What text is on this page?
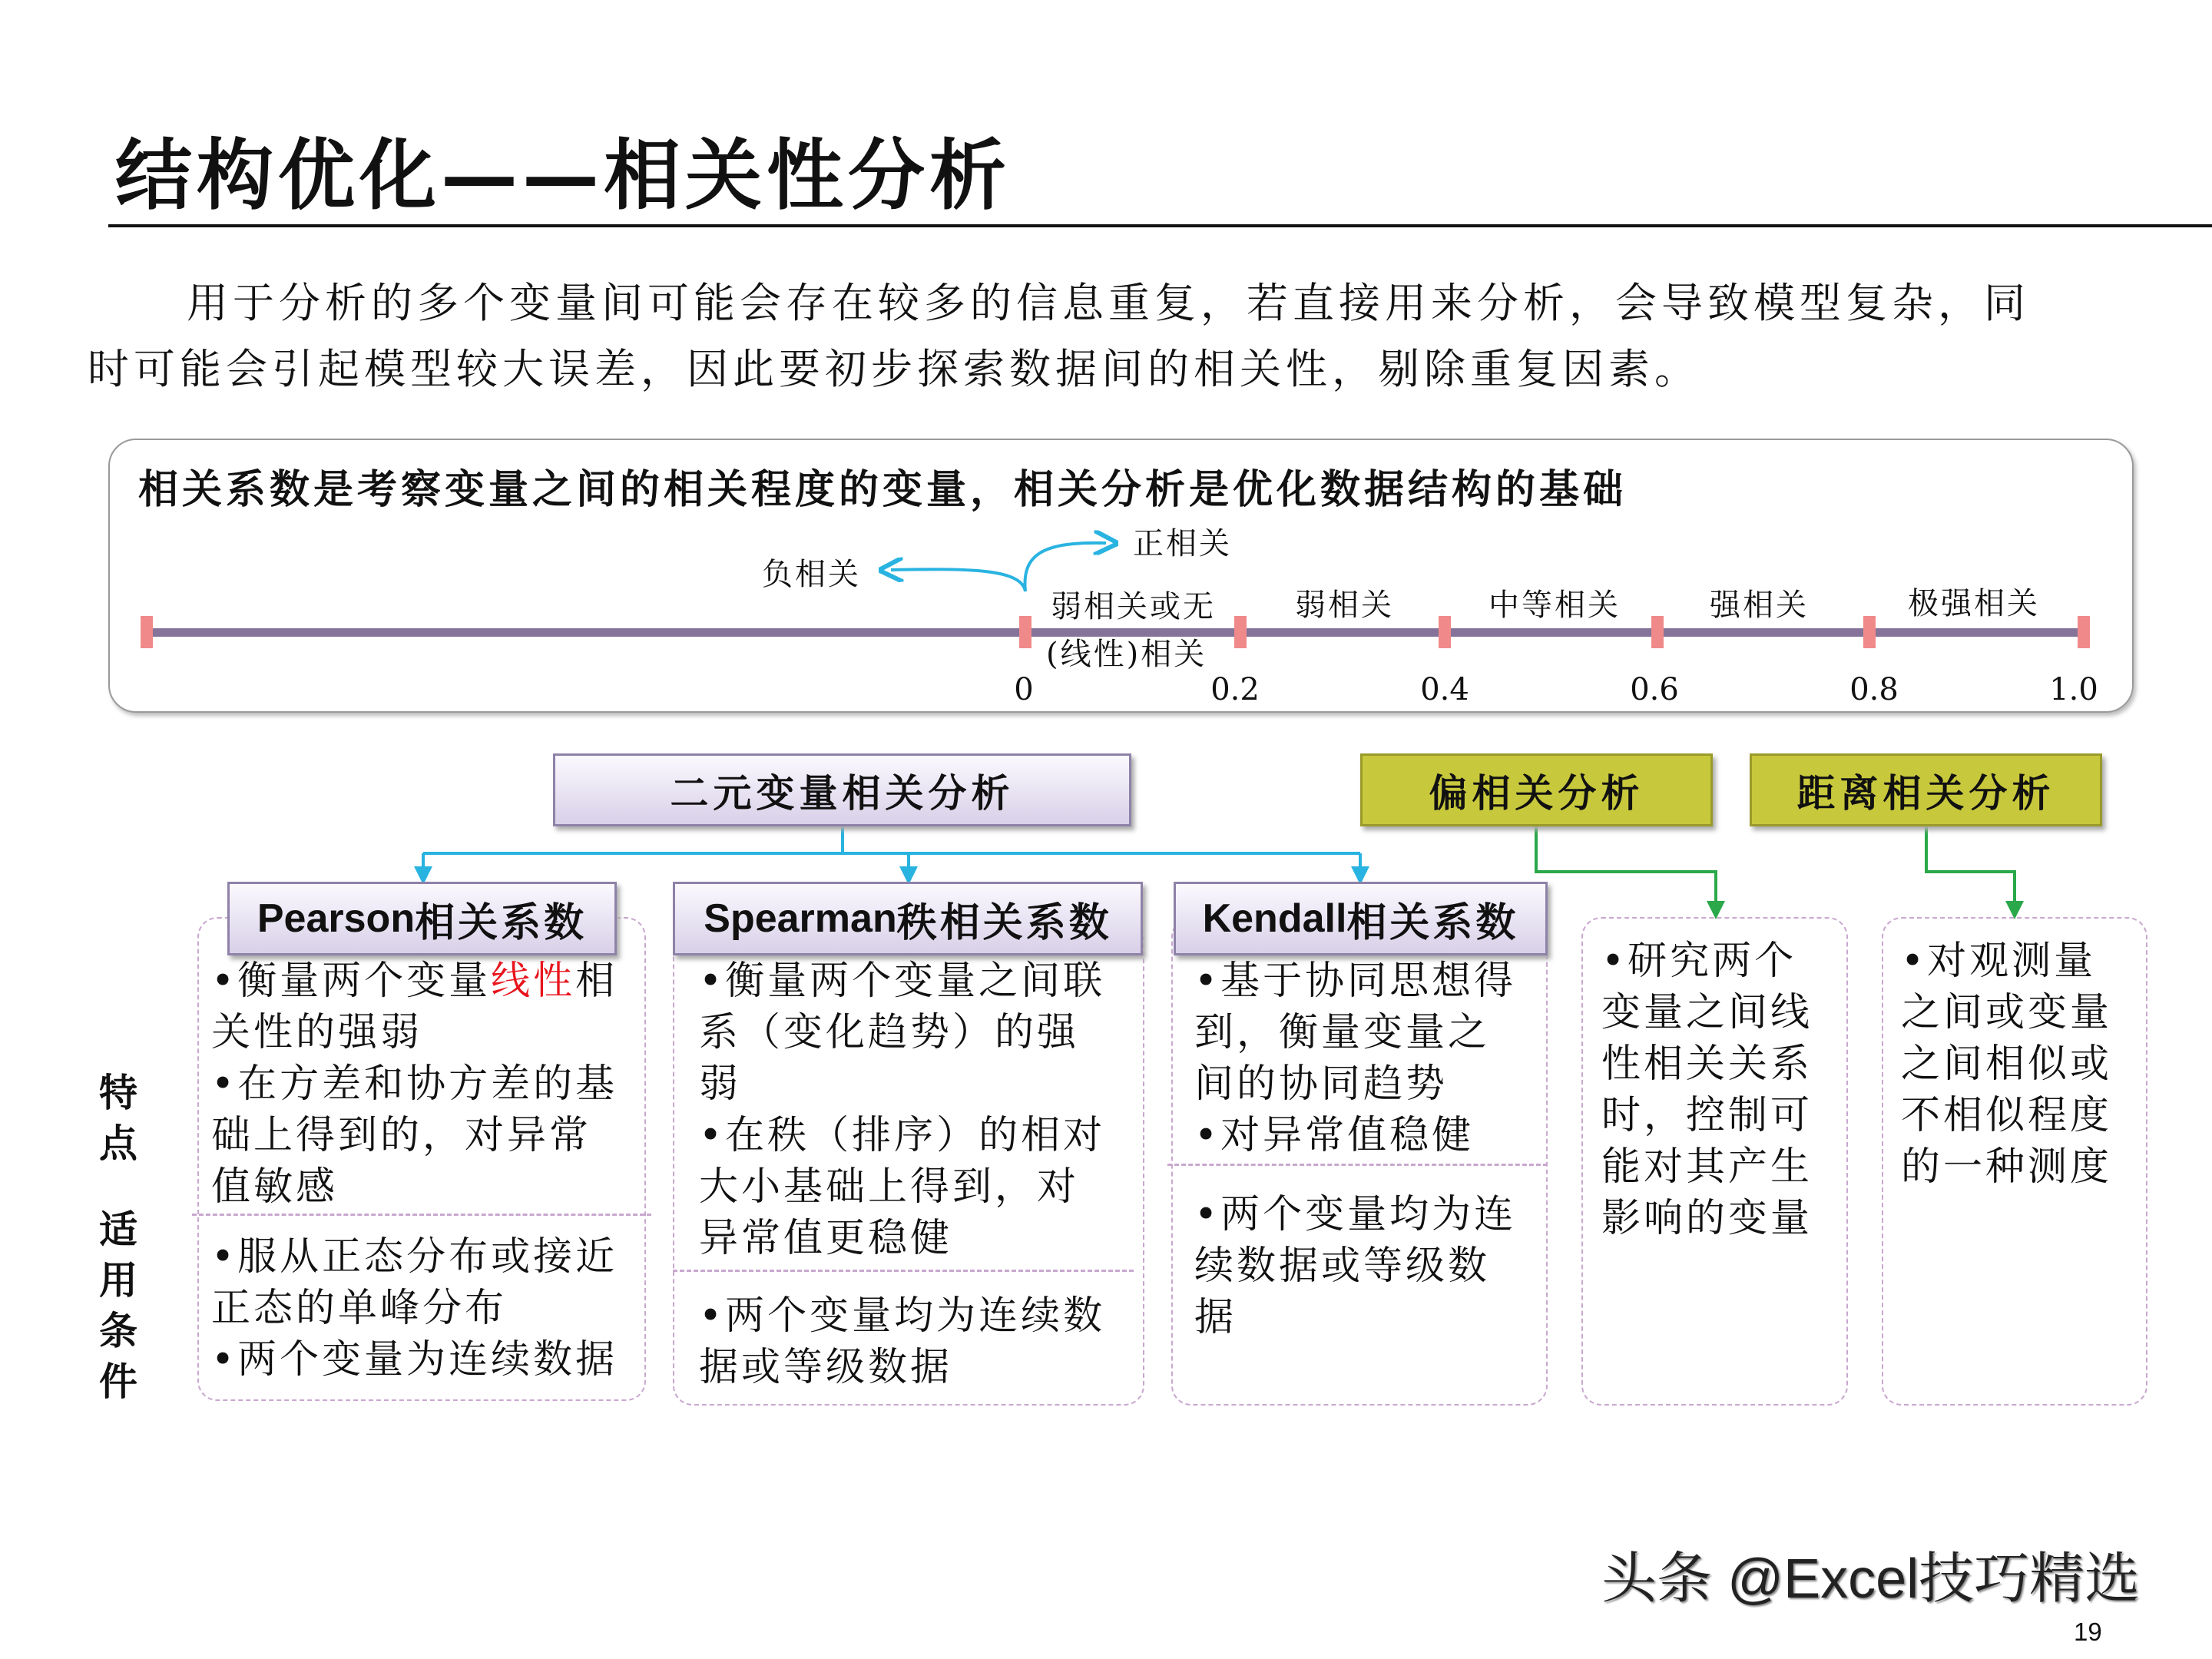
结构优化——相关性分析
用于分析的多个变量间可能会存在较多的信息重复，若直接用来分析，会导致模型复杂，同
时可能会引起模型较大误差，因此要初步探索数据间的相关性，剔除重复因素。
相关系数是考察变量之间的相关程度的变量，相关分析是优化数据结构的基础
0	0.2	0.4	0.6	0.8	1.0
负相关
正相关
弱相关或无
(线性)相关
弱相关	中等相关	强相关	极强相关
二元变量相关分析	偏相关分析	距离相关分析
Pearson 相关系数	Spearman 秩相关系数 Kendall 相关系数
•衡量两个变量线性相
关性的强弱
•在方差和协方差的基
础上得到的，对异常
值敏感
•服从正态分布或接近
正态的单峰分布
•两个变量为连续数据
•衡量两个变量之间联
系（变化趋势）的强
弱
•在秩（排序）的相对
大小基础上得到，对
异常值更稳健
•两个变量均为连续数
据或等级数据
•基于协同思想得
到，衡量变量之
间的协同趋势
•对异常值稳健
•两个变量均为连
续数据或等级数
据
•研究两个
变量之间线
性相关关系
时，控制可
能对其产生
影响的变量
•对观测量
之间或变量
之间相似或
不相似程度
的一种测度
特
点
适
用
条
件
头条 @Excel技巧精选
19
